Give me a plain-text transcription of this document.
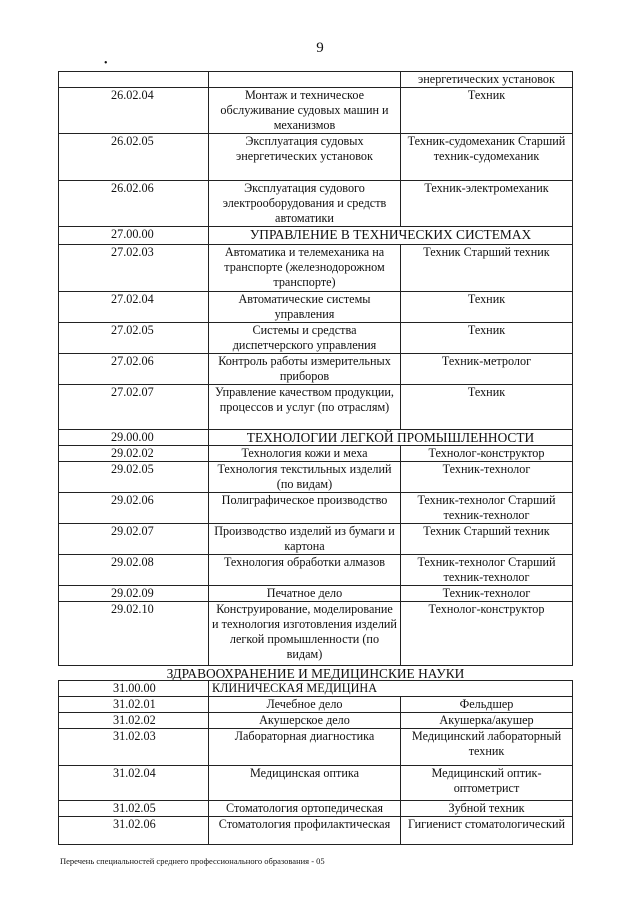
9
•
		энергетических установок
26.02.04	Монтаж и техническое обслуживание судовых машин и механизмов	Техник
26.02.05	Эксплуатация судовых энергетических установок	Техник-судомеханик Старший техник-судомеханик
26.02.06	Эксплуатация судового электрооборудования и средств автоматики	Техник-электромеханик
27.00.00	УПРАВЛЕНИЕ В ТЕХНИЧЕСКИХ СИСТЕМАХ	
27.02.03	Автоматика и телемеханика на транспорте (железнодорожном транспорте)	Техник Старший техник
27.02.04	Автоматические системы управления	Техник
27.02.05	Системы и средства диспетчерского управления	Техник
27.02.06	Контроль работы измерительных приборов	Техник-метролог
27.02.07	Управление качеством продукции, процессов и услуг (по отраслям)	Техник
29.00.00	ТЕХНОЛОГИИ ЛЕГКОЙ ПРОМЫШЛЕННОСТИ	
29.02.02	Технология кожи и меха	Технолог-конструктор
29.02.05	Технология текстильных изделий (по видам)	Техник-технолог
29.02.06	Полиграфическое производство	Техник-технолог Старший техник-технолог
29.02.07	Производство изделий из бумаги и картона	Техник Старший техник
29.02.08	Технология обработки алмазов	Техник-технолог Старший техник-технолог
29.02.09	Печатное дело	Техник-технолог
29.02.10	Конструирование, моделирование и технология изготовления изделий легкой промышленности (по видам)	Технолог-конструктор
ЗДРАВООХРАНЕНИЕ И МЕДИЦИНСКИЕ НАУКИ		
31.00.00	КЛИНИЧЕСКАЯ МЕДИЦИНА	
31.02.01	Лечебное дело	Фельдшер
31.02.02	Акушерское дело	Акушерка/акушер
31.02.03	Лабораторная диагностика	Медицинский лабораторный техник
31.02.04	Медицинская оптика	Медицинский оптик-оптометрист
31.02.05	Стоматология ортопедическая	Зубной техник
31.02.06	Стоматология профилактическая	Гигиенист стоматологический
Перечень специальностей среднего профессионального образования - 05
